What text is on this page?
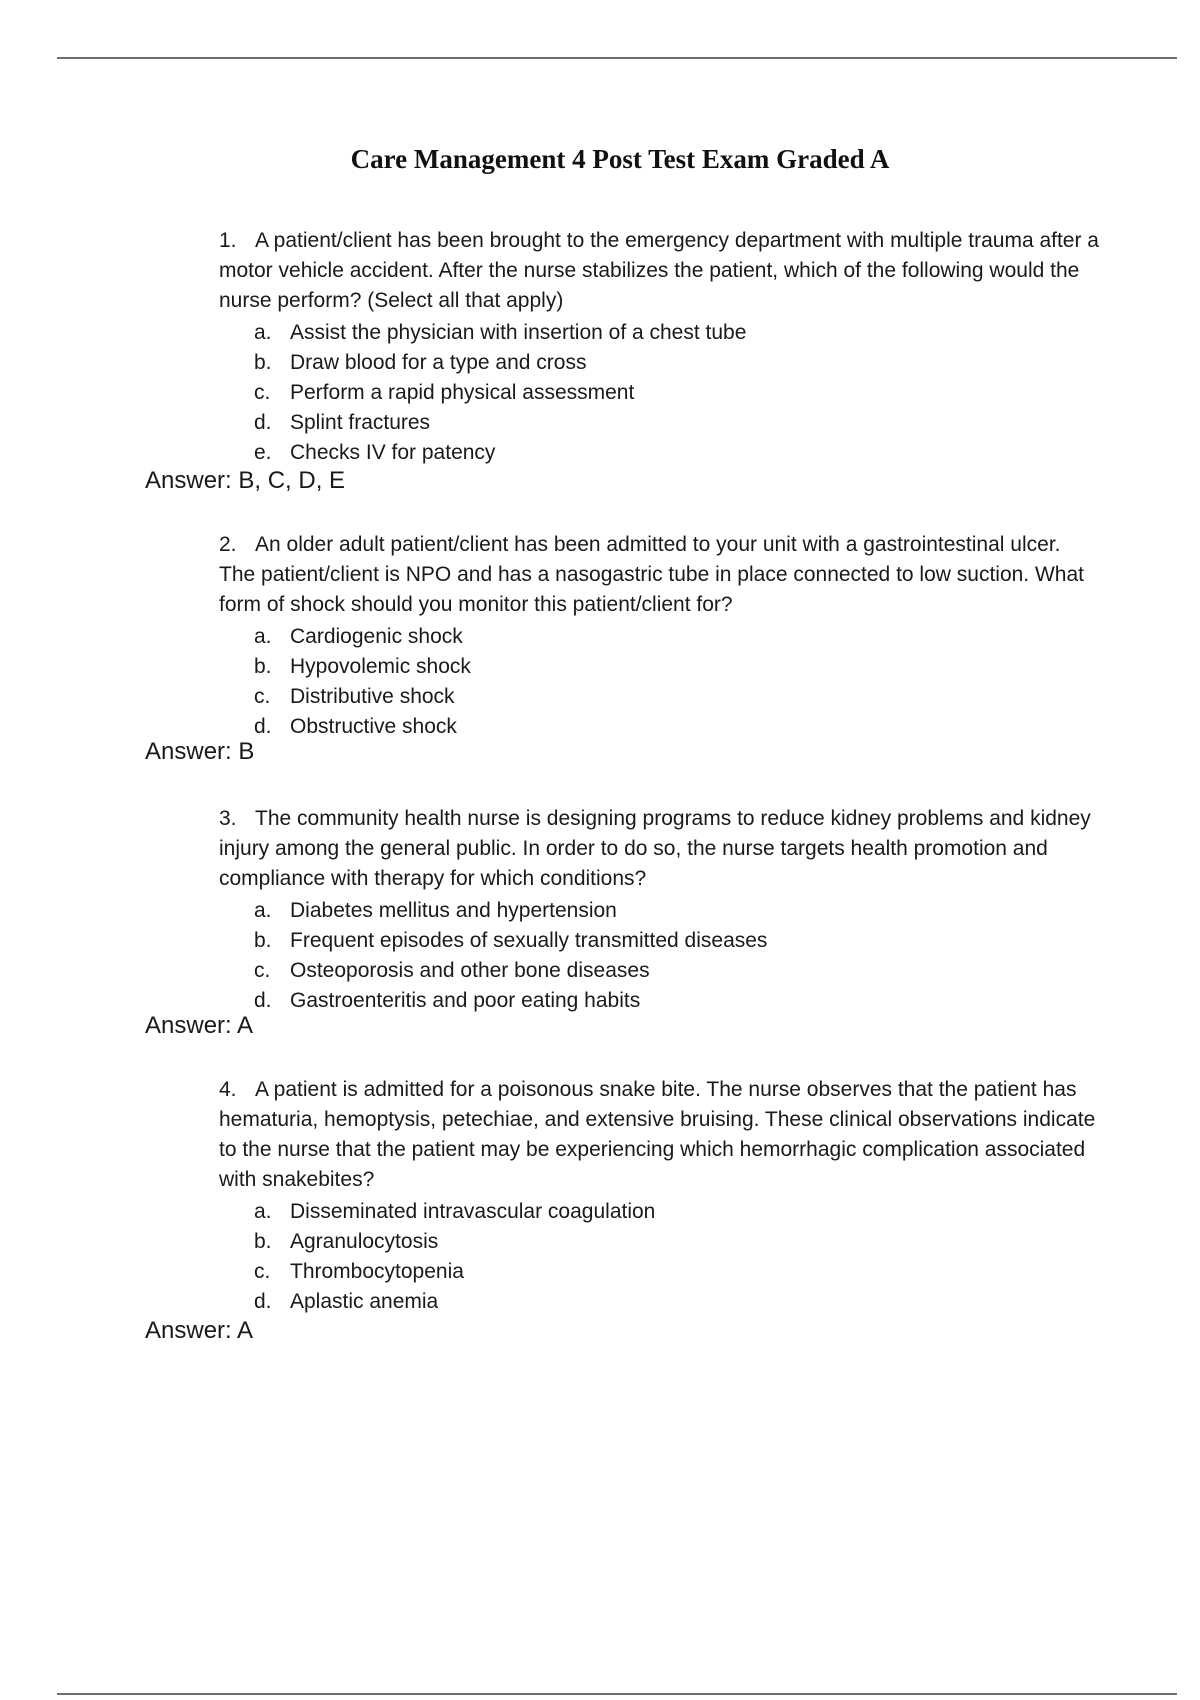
Care Management 4 Post Test Exam Graded A

1. A patient/client has been brought to the emergency department with multiple trauma after a motor vehicle accident. After the nurse stabilizes the patient, which of the following would the nurse perform? (Select all that apply)

a. Assist the physician with insertion of a chest tube
b. Draw blood for a type and cross
c. Perform a rapid physical assessment
d. Splint fractures
e. Checks IV for patency
Answer: B, C, D, E

2. An older adult patient/client has been admitted to your unit with a gastrointestinal ulcer. The patient/client is NPO and has a nasogastric tube in place connected to low suction. What form of shock should you monitor this patient/client for?

a. Cardiogenic shock
b. Hypovolemic shock
c. Distributive shock
d. Obstructive shock
Answer: B

3. The community health nurse is designing programs to reduce kidney problems and kidney injury among the general public. In order to do so, the nurse targets health promotion and compliance with therapy for which conditions?

a. Diabetes mellitus and hypertension
b. Frequent episodes of sexually transmitted diseases
c. Osteoporosis and other bone diseases
d. Gastroenteritis and poor eating habits
Answer: A

4. A patient is admitted for a poisonous snake bite. The nurse observes that the patient has hematuria, hemoptysis, petechiae, and extensive bruising. These clinical observations indicate to the nurse that the patient may be experiencing which hemorrhagic complication associated with snakebites?

a. Disseminated intravascular coagulation
b. Agranulocytosis
c. Thrombocytopenia
d. Aplastic anemia
Answer: A
